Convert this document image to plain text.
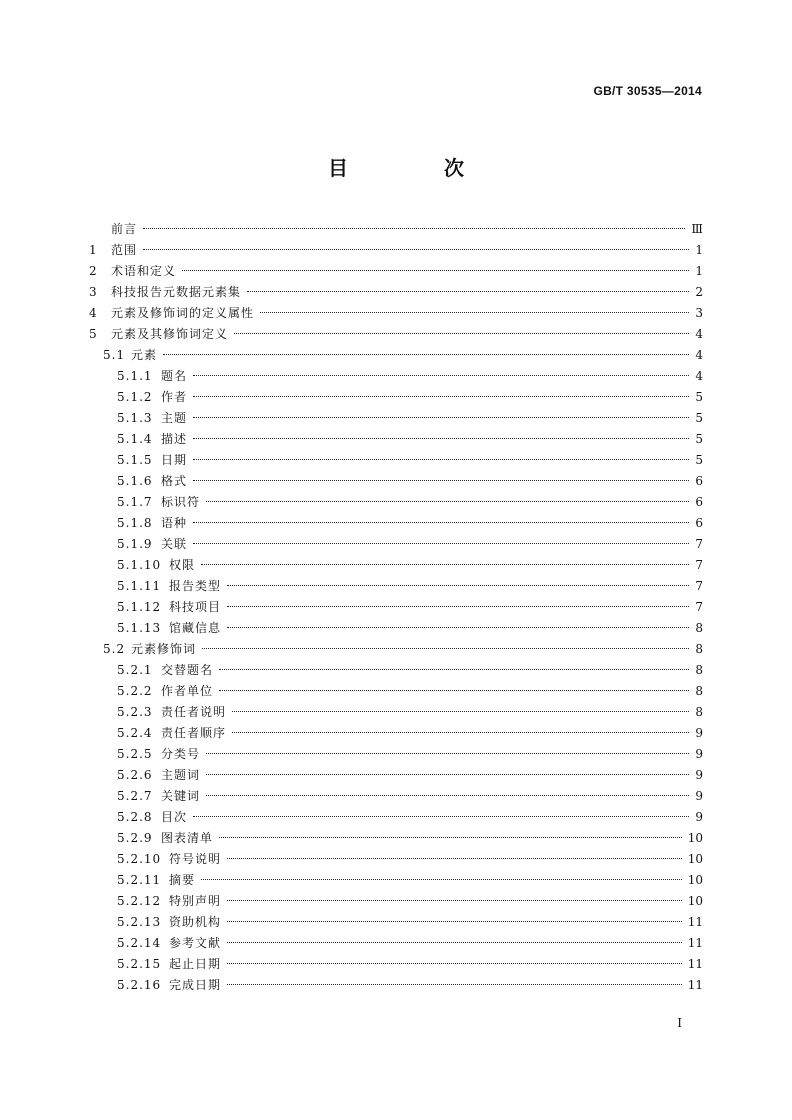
GB/T 30535—2014
目　次
前言	Ⅲ
1	范围	1
2	术语和定义	1
3	科技报告元数据元素集	2
4	元素及修饰词的定义属性	3
5	元素及其修饰词定义	4
5.1 元素	4
5.1.1 题名	4
5.1.2 作者	5
5.1.3 主题	5
5.1.4 描述	5
5.1.5 日期	5
5.1.6 格式	6
5.1.7 标识符	6
5.1.8 语种	6
5.1.9 关联	7
5.1.10 权限	7
5.1.11 报告类型	7
5.1.12 科技项目	7
5.1.13 馆藏信息	8
5.2 元素修饰词	8
5.2.1 交替题名	8
5.2.2 作者单位	8
5.2.3 责任者说明	8
5.2.4 责任者顺序	9
5.2.5 分类号	9
5.2.6 主题词	9
5.2.7 关键词	9
5.2.8 目次	9
5.2.9 图表清单	10
5.2.10 符号说明	10
5.2.11 摘要	10
5.2.12 特别声明	10
5.2.13 资助机构	11
5.2.14 参考文献	11
5.2.15 起止日期	11
5.2.16 完成日期	11
I
